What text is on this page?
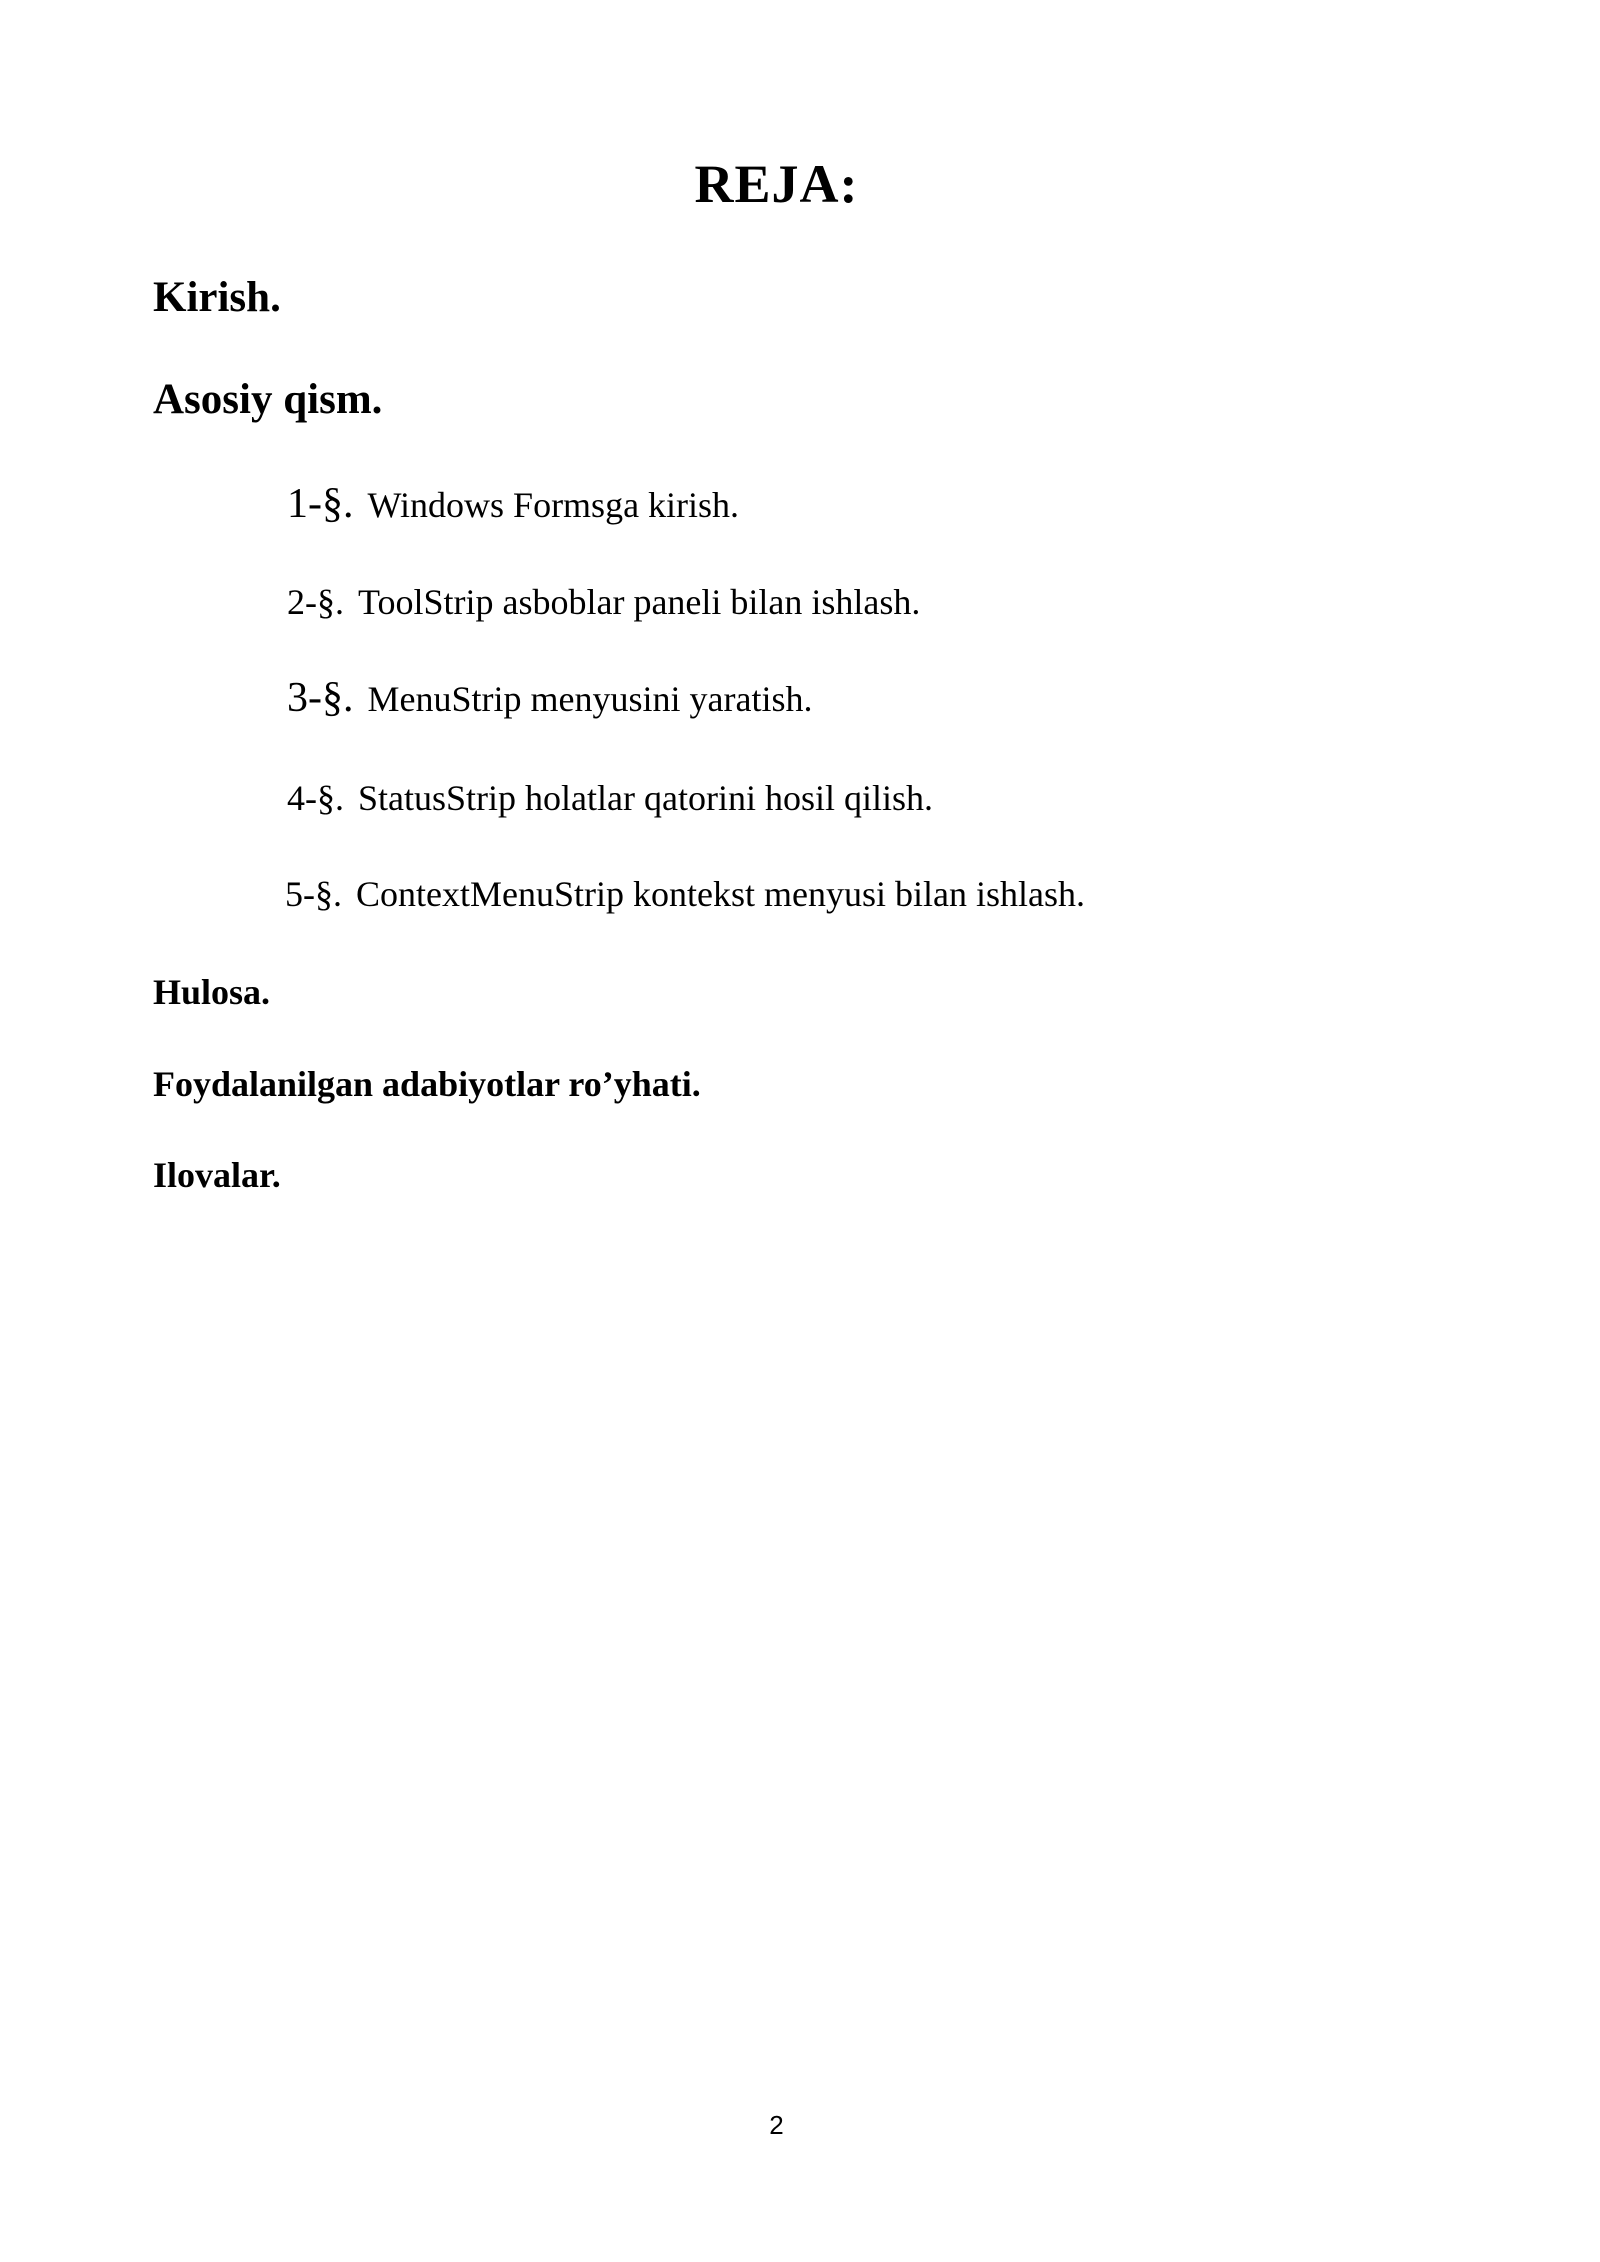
REJA:
Kirish.
Asosiy qism.
1-§. Windows Formsga kirish.
2-§. ToolStrip asboblar paneli bilan ishlash.
3-§. MenuStrip menyusini yaratish.
4-§. StatusStrip holatlar qatorini hosil qilish.
5-§. ContextMenuStrip kontekst menyusi bilan ishlash.
Hulosa.
Foydalanilgan adabiyotlar ro’yhati.
Ilovalar.
2
